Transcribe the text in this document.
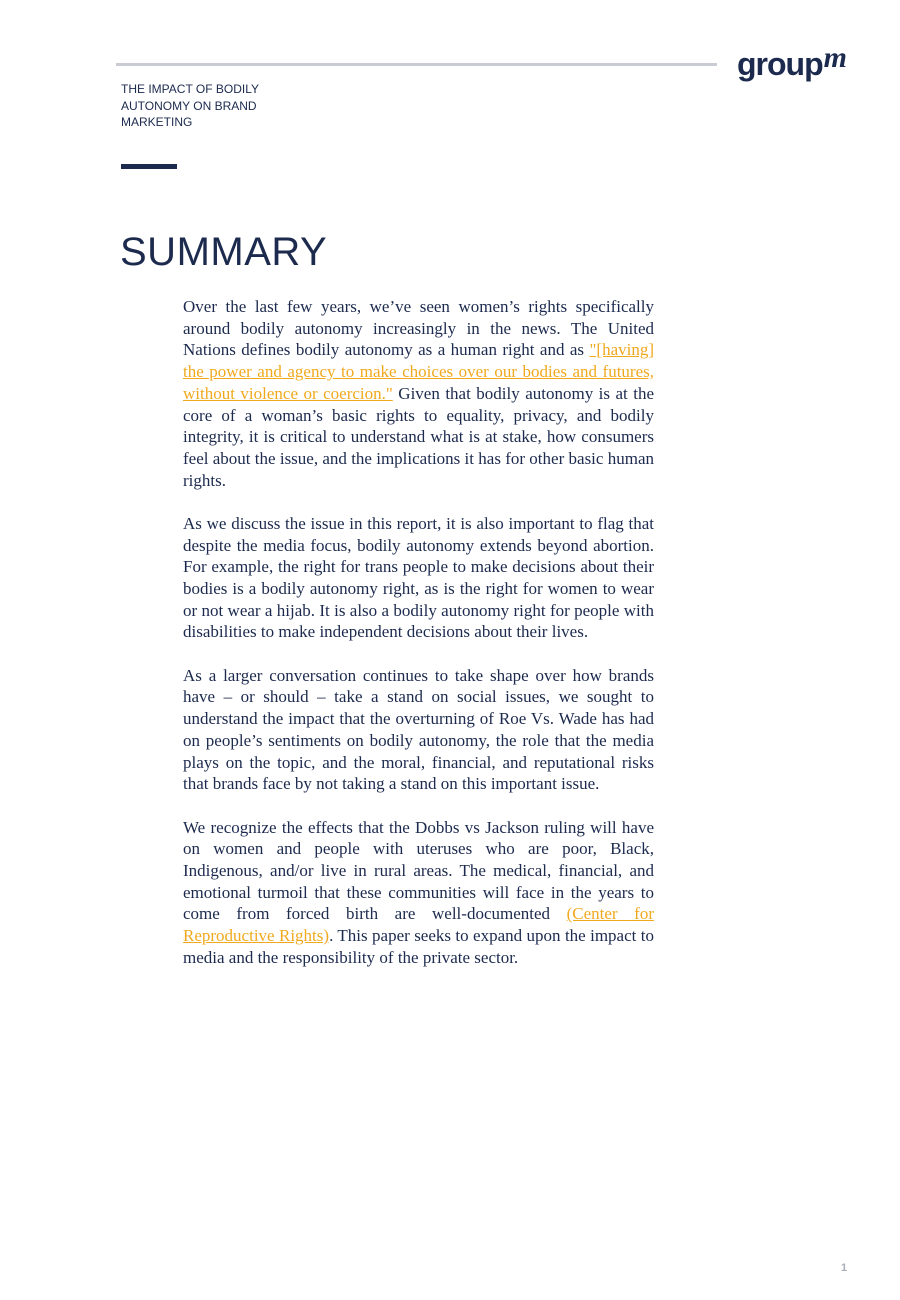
groupm
THE IMPACT OF BODILY AUTONOMY ON BRAND MARKETING
SUMMARY

Over the last few years, we’ve seen women’s rights specifically around bodily autonomy increasingly in the news. The United Nations defines bodily autonomy as a human right and as "[having] the power and agency to make choices over our bodies and futures, without violence or coercion." Given that bodily autonomy is at the core of a woman’s basic rights to equality, privacy, and bodily integrity, it is critical to understand what is at stake, how consumers feel about the issue, and the implications it has for other basic human rights.

As we discuss the issue in this report, it is also important to flag that despite the media focus, bodily autonomy extends beyond abortion. For example, the right for trans people to make decisions about their bodies is a bodily autonomy right, as is the right for women to wear or not wear a hijab. It is also a bodily autonomy right for people with disabilities to make independent decisions about their lives.

As a larger conversation continues to take shape over how brands have – or should – take a stand on social issues, we sought to understand the impact that the overturning of Roe Vs. Wade has had on people’s sentiments on bodily autonomy, the role that the media plays on the topic, and the moral, financial, and reputational risks that brands face by not taking a stand on this important issue.

We recognize the effects that the Dobbs vs Jackson ruling will have on women and people with uteruses who are poor, Black, Indigenous, and/or live in rural areas. The medical, financial, and emotional turmoil that these communities will face in the years to come from forced birth are well-documented (Center for Reproductive Rights). This paper seeks to expand upon the impact to media and the responsibility of the private sector.

1
